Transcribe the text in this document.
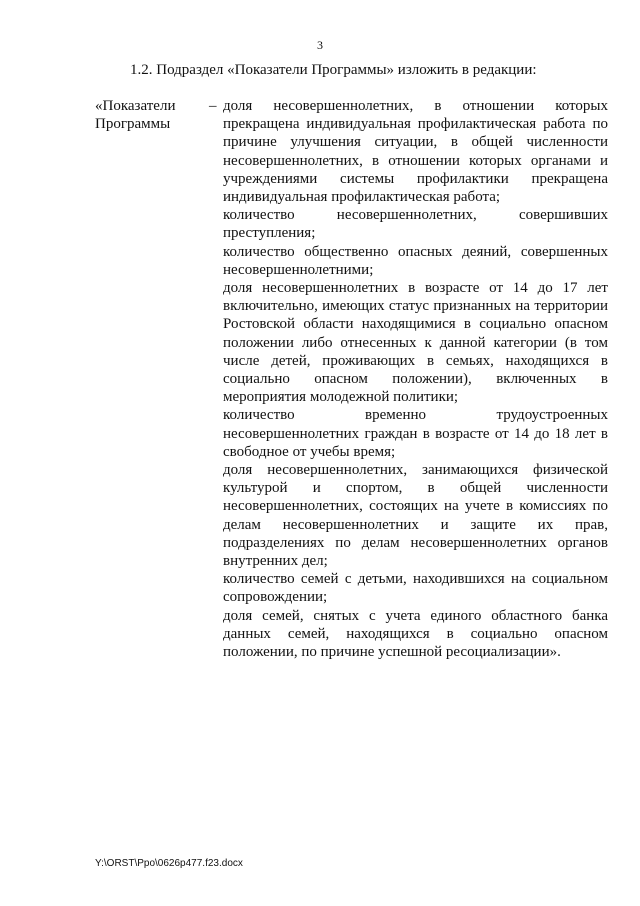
3
1.2. Подраздел «Показатели Программы» изложить в редакции:
«Показатели
Программы
– доля несовершеннолетних, в отношении которых прекращена индивидуальная профилактическая работа по причине улучшения ситуации, в общей численности несовершеннолетних, в отношении которых органами и учреждениями системы профилактики прекращена индивидуальная профилактическая работа;

количество несовершеннолетних, совершивших преступления;

количество общественно опасных деяний, совершенных несовершеннолетними;

доля несовершеннолетних в возрасте от 14 до 17 лет включительно, имеющих статус признанных на территории Ростовской области находящимися в социально опасном положении либо отнесенных к данной категории (в том числе детей, проживающих в семьях, находящихся в социально опасном положении), включенных в мероприятия молодежной политики;

количество временно трудоустроенных несовершеннолетних граждан в возрасте от 14 до 18 лет в свободное от учебы время;

доля несовершеннолетних, занимающихся физической культурой и спортом, в общей численности несовершеннолетних, состоящих на учете в комиссиях по делам несовершеннолетних и защите их прав, подразделениях по делам несовершеннолетних органов внутренних дел;

количество семей с детьми, находившихся на социальном сопровождении;

доля семей, снятых с учета единого областного банка данных семей, находящихся в социально опасном положении, по причине успешной ресоциализации».

Y:\ORST\Ppo\0626p477.f23.docx
